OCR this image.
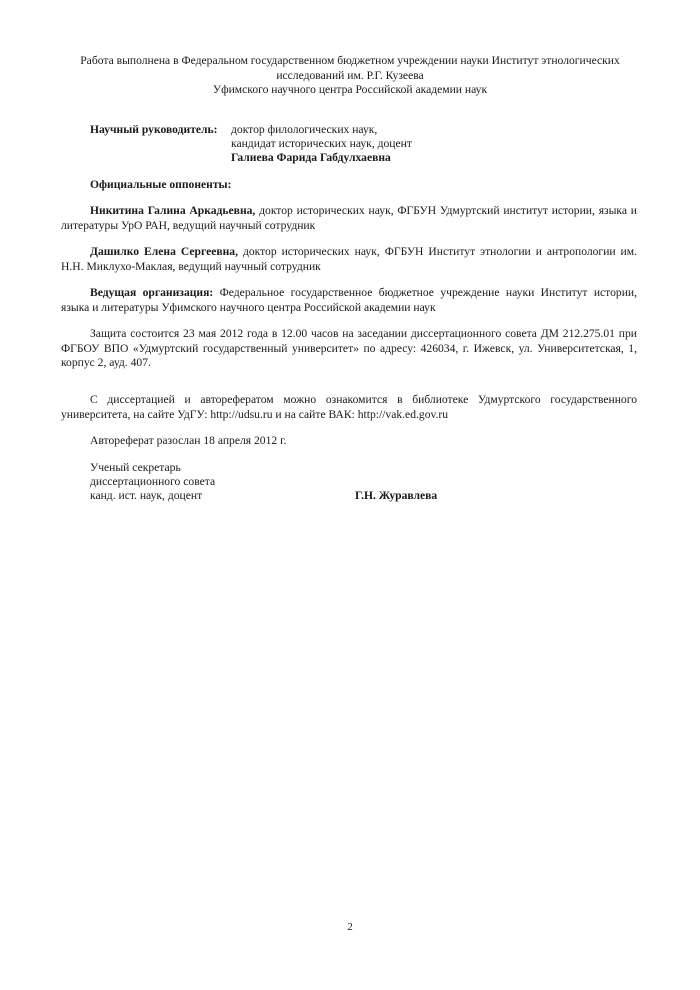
Работа выполнена в Федеральном государственном бюджетном учреждении науки Институт этнологических
исследований им. Р.Г. Кузеева
Уфимского научного центра Российской академии наук
Научный руководитель: доктор филологических наук,
кандидат исторических наук, доцент
Галиева Фарида Габдулхаевна
Официальные оппоненты:
Никитина Галина Аркадьевна, доктор исторических наук, ФГБУН Удмуртский институт истории, языка и литературы УрО РАН, ведущий научный сотрудник
Дашилко Елена Сергеевна, доктор исторических наук, ФГБУН Институт этнологии и антропологии им. Н.Н. Миклухо-Маклая, ведущий научный сотрудник
Ведущая организация: Федеральное государственное бюджетное учреждение науки Институт истории, языка и литературы Уфимского научного центра Российской академии наук
Защита состоится 23 мая 2012 года в 12.00 часов на заседании диссертационного совета ДМ 212.275.01 при ФГБОУ ВПО «Удмуртский государственный университет» по адресу: 426034, г. Ижевск, ул. Университетская, 1, корпус 2, ауд. 407.
С диссертацией и авторефератом можно ознакомится в библиотеке Удмуртского государственного университета, на сайте УдГУ: http://udsu.ru и на сайте ВАК: http://vak.ed.gov.ru
Автореферат разослан 18 апреля 2012 г.
Ученый секретарь
диссертационного совета
канд. ист. наук, доцент	Г.Н. Журавлева
2
